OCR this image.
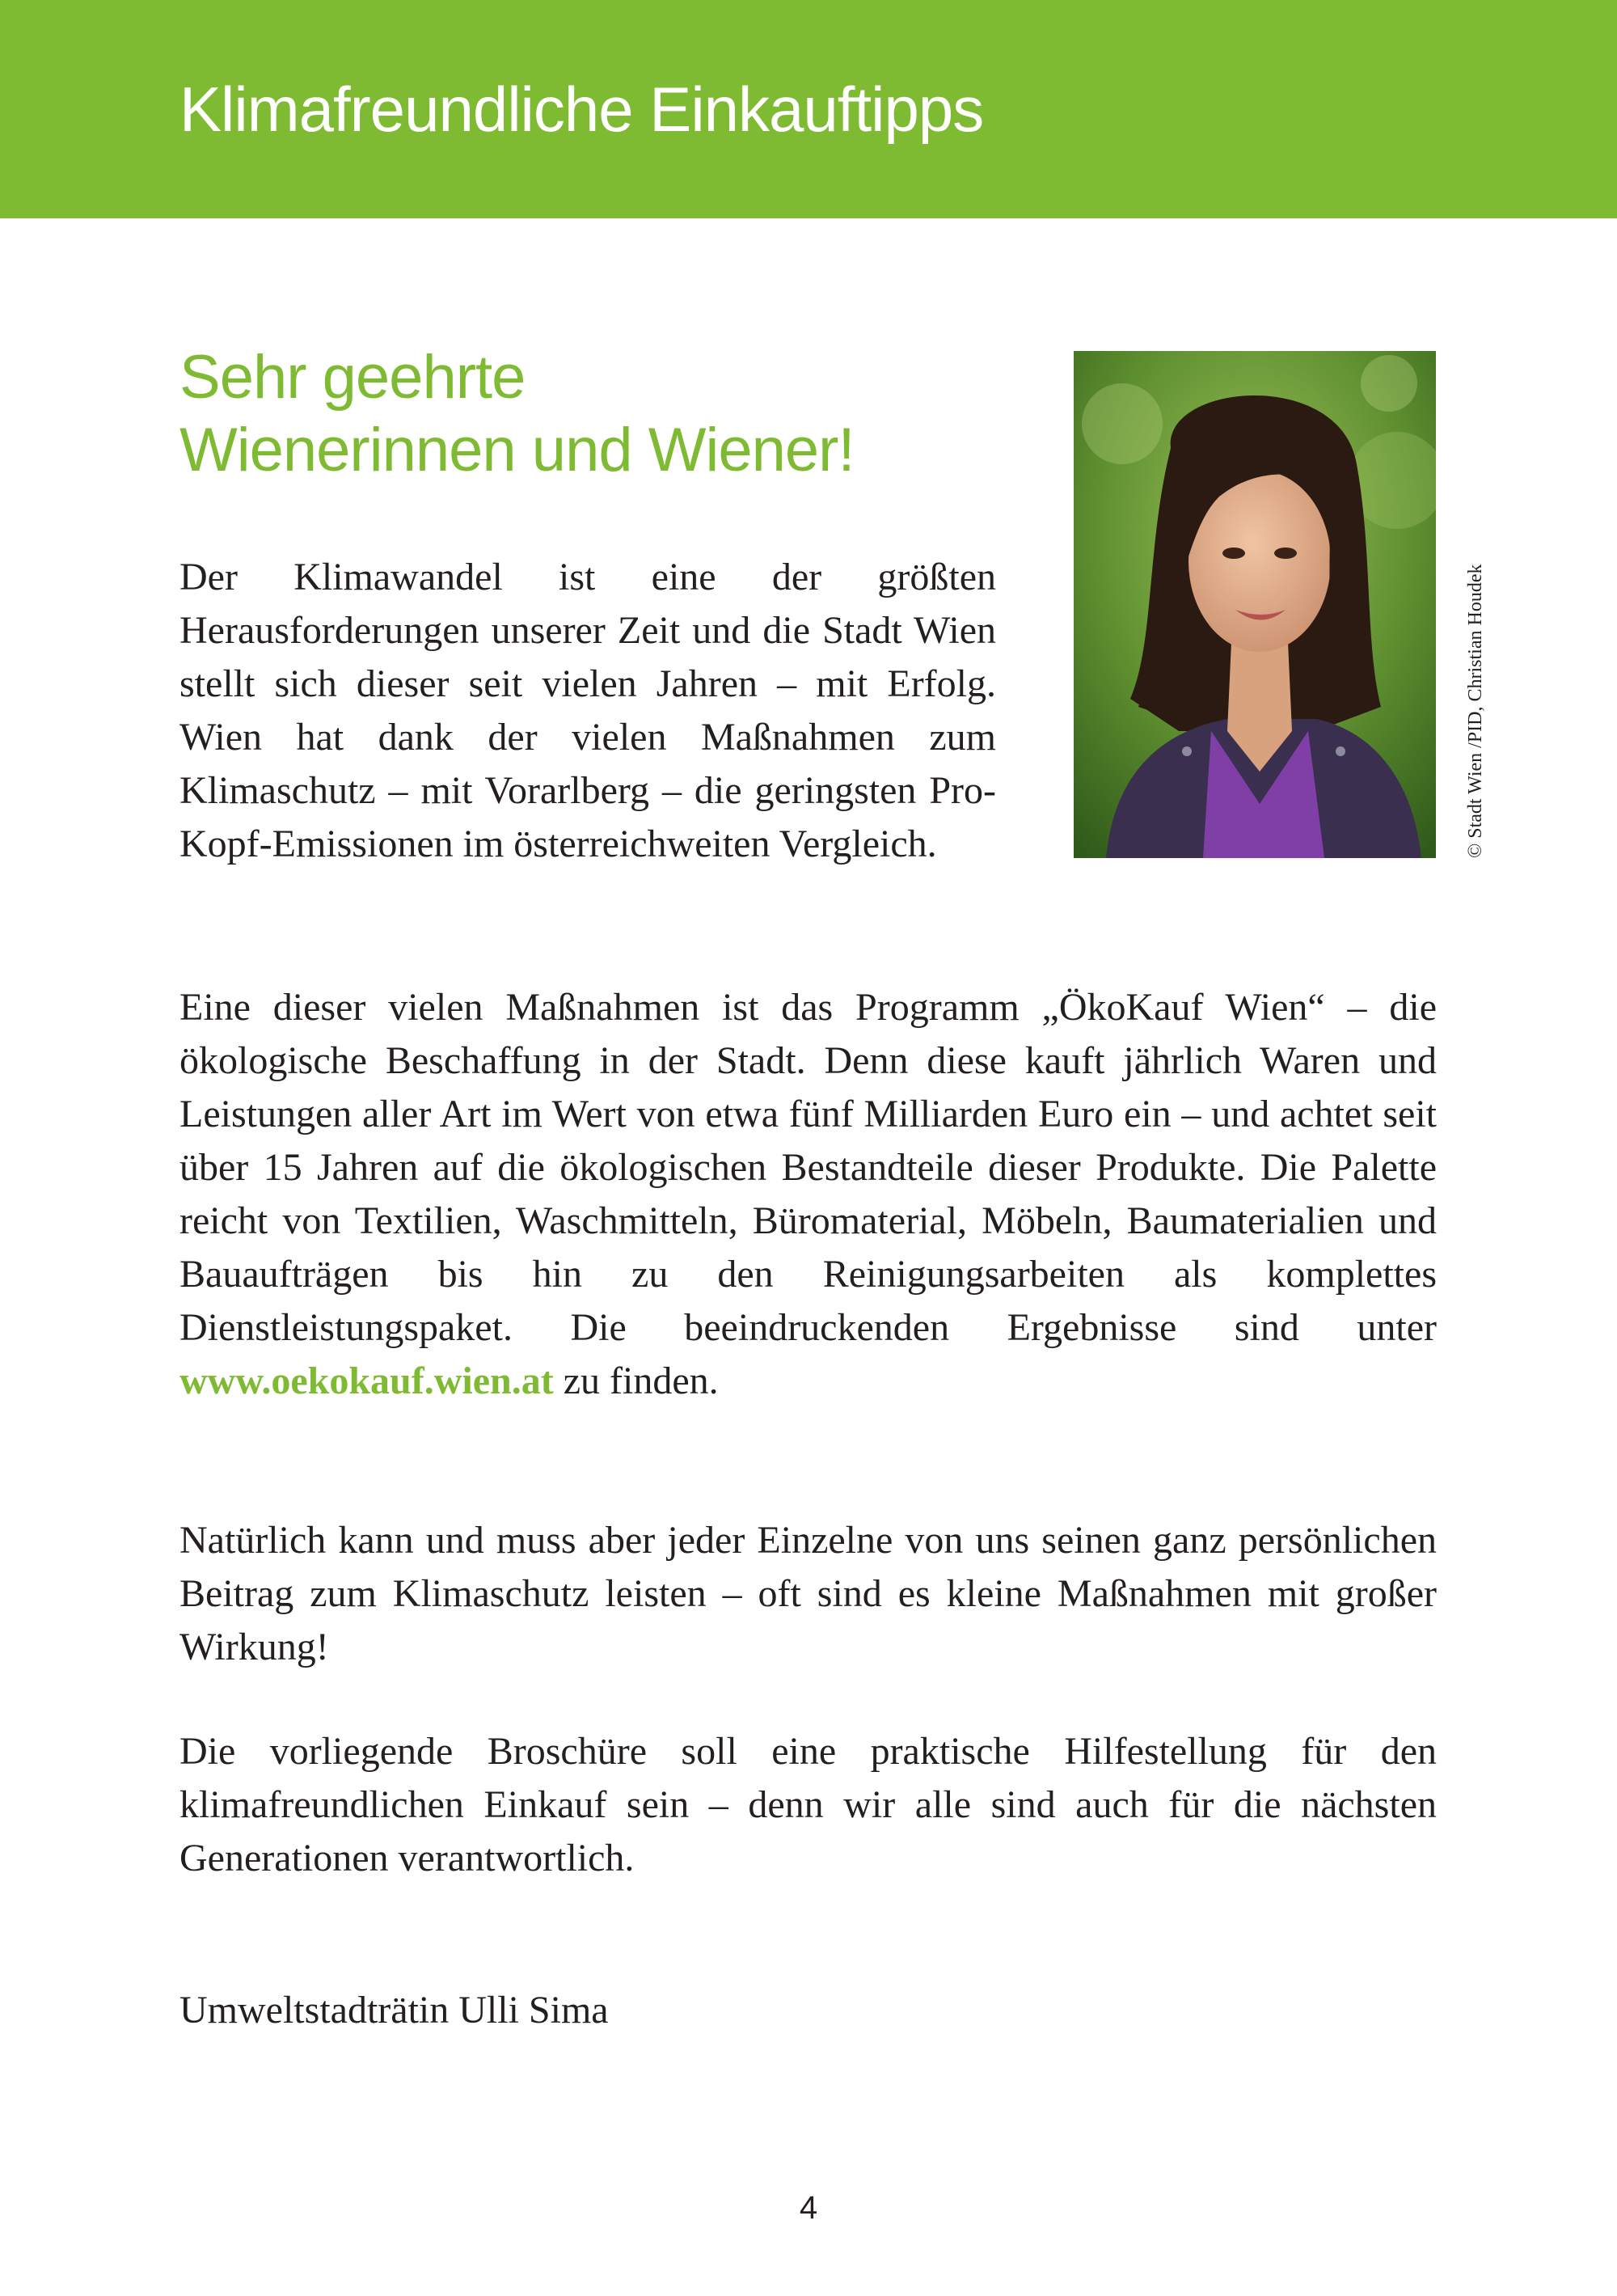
Klimafreundliche Einkauftipps
Sehr geehrte
Wienerinnen und Wiener!
© Stadt Wien /PID, Christian Houdek

Der Klimawandel ist eine der größten Herausforderungen unserer Zeit und die Stadt Wien stellt sich dieser seit vielen Jahren – mit Erfolg. Wien hat dank der vielen Maßnahmen zum Klimaschutz – mit Vorarlberg – die geringsten Pro-Kopf-Emissionen im österreichweiten Vergleich.

Eine dieser vielen Maßnahmen ist das Programm „ÖkoKauf Wien“ – die ökologische Beschaffung in der Stadt. Denn diese kauft jährlich Waren und Leistungen aller Art im Wert von etwa fünf Milliarden Euro ein – und achtet seit über 15 Jahren auf die ökologischen Bestandteile dieser Produkte. Die Palette reicht von Textilien, Waschmitteln, Büromaterial, Möbeln, Baumaterialien und Bauaufträgen bis hin zu den Reinigungsarbeiten als komplettes Dienstleistungspaket. Die beeindruckenden Ergebnisse sind unter www.oekokauf.wien.at zu finden.

Natürlich kann und muss aber jeder Einzelne von uns seinen ganz persönlichen Beitrag zum Klimaschutz leisten – oft sind es kleine Maßnahmen mit großer Wirkung!

Die vorliegende Broschüre soll eine praktische Hilfestellung für den klimafreundlichen Einkauf sein – denn wir alle sind auch für die nächsten Generationen verantwortlich.

Umweltstadträtin Ulli Sima
4
